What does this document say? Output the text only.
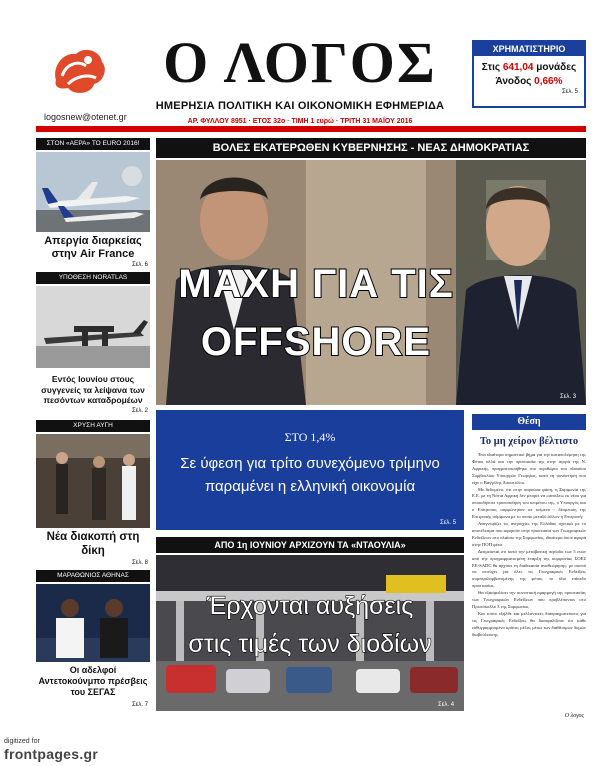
logosnew@otenet.gr
Ο ΛΟΓΟΣ
ΗΜΕΡΗΣΙΑ ΠΟΛΙΤΙΚΗ ΚΑΙ ΟΙΚΟΝΟΜΙΚΗ ΕΦΗΜΕΡΙΔΑ
ΑΡ. ΦΥΛΛΟΥ 8951 · ΕΤΟΣ 32ο · ΤΙΜΗ 1 ευρώ · ΤΡΙΤΗ 31 ΜΑΪΟΥ 2016
ΧΡΗΜΑΤΙΣΤΗΡΙΟ
Στις 641,04 μονάδες
Άνοδος 0,66%
Σελ. 5
ΣΤΟΝ «ΑΕΡΑ» ΤΟ EURO 2016!
Απεργία διαρκείας στην Air France
Σελ. 6
ΥΠΟΘΕΣΗ NORATLAS
Εντός Ιουνίου στους συγγενείς τα λείψανα των πεσόντων καταδρομέων
Σελ. 2
ΧΡΥΣΗ ΑΥΓΗ
Νέα διακοπή στη δίκη
Σελ. 8
ΜΑΡΑΘΩΝΙΟΣ ΑΘΗΝΑΣ
Οι αδελφοί Αντετοκούνμπο πρέσβεις του ΣΕΓΑΣ
Σελ. 7
ΒΟΛΕΣ ΕΚΑΤΕΡΩΘΕΝ ΚΥΒΕΡΝΗΣΗΣ - ΝΕΑΣ ΔΗΜΟΚΡΑΤΙΑΣ
ΜΑΧΗ ΓΙΑ ΤΙΣ
OFFSHORE
Σελ. 3
ΣΤΟ 1,4%
Σε ύφεση για τρίτο συνεχόμενο τρίμηνο παραμένει η ελληνική οικονομία
Σελ. 5
ΑΠΟ 1η ΙΟΥΝΙΟΥ ΑΡΧΙΖΟΥΝ ΤΑ «ΝΤΑΟΥΛΙΑ»
Έρχονται αυξήσεις
στις τιμές των διοδίων
Σελ. 4
Θέση
Το μη χείρον βέλτιστο

Ένα ιδιαίτερα σημαντικό βήμα για την καταπολέμηση της Φέτας αλλά και την προστασία της στην αγορά της Ν. Αφρικής, πραγματοποιήθηκε στο περιθώριο του πλαισίου Συμβουλίου Υπουργών Γεωργίας, κατά τη συνάντηση που είχε ο Βαγγέλης Αποστόλου.

Με δεδομένο, ότι στην παρούσα φάση, η Συμφωνία της Ε.Ε. με τη Νότια Αφρική δεν μπορεί να «ανοίξει» εκ νέου για οποιοδήποτε τροποποίηση του κειμένου της, ο Υπουργός και ο Επίτροπος συμφώνησαν σε κείμενο - δέσμευση της Επιτροπής σύμφωνα με το οποίο μεταξύ άλλων η Επιτροπή:

Αναγνωρίζει τις ανησυχίες της Ελλάδας σχετικά με το αποτέλεσμα που αφορούν στην προστασία των Γεωγραφικών Ενδείξεων στο πλαίσιο της Συμφωνίας, ιδιαίτερα όσον αφορά στην ΠΟΠ φέτα.

Δεσμεύεται ότι κατά την μεταβατική περίοδο των 5 ετών από την προγραμματισμένη έναρξη της συμφωνίας ΣΟΕΣ ΕΕ-SADC θα αρχίσει τη διαδικασία αναθεώρησης, με σκοπό να επιτύχει για όλες τις Γεωγραφικές Ενδείξεις συμπεριλαμβανομένης της φέτας, το ίδιο επίπεδο προστασίας.

Θα εξασφαλίσει την συνοπτική εφαρμογή της προστασίας των Γεωγραφικών Ενδείξεων που προβλέπονται στο Πρωτόκολλο 3 της Συμφωνίας.

Και τούτο εξήλθε και μελλοντικές διαπραγματεύσεις για τις Γεωγραφικές Ενδείξεις θα διασφαλίζουν ότι κάθε ευθυγραμμισμένο κράτος μέλος μέσω των διαθέσιμων δομών διαβούλευσης.

Ο λογος
digitized for
frontpages.gr
